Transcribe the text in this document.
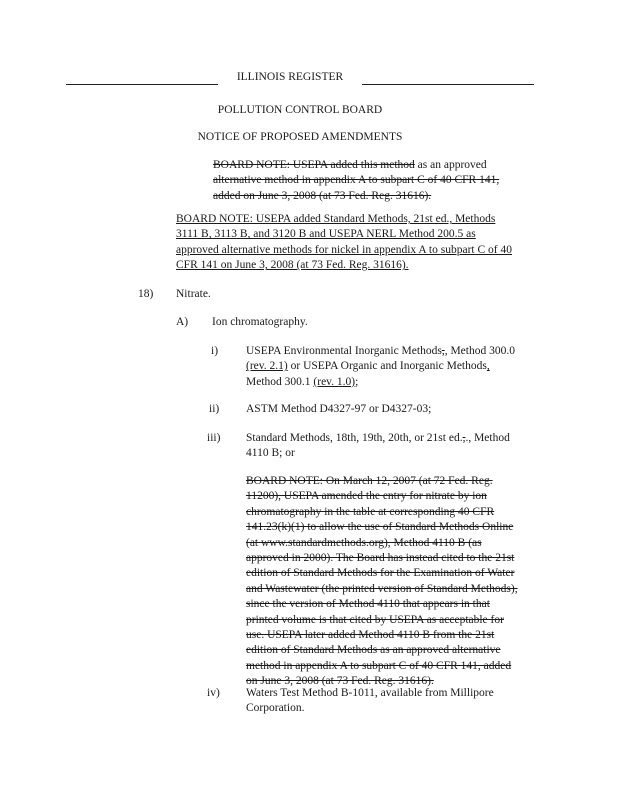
ILLINOIS REGISTER
POLLUTION CONTROL BOARD
NOTICE OF PROPOSED AMENDMENTS
BOARD NOTE: USEPA added this method as an approved
alternative method in appendix A to subpart C of 40 CFR 141,
added on June 3, 2008 (at 73 Fed. Reg. 31616).
BOARD NOTE: USEPA added Standard Methods, 21st ed., Methods
3111 B, 3113 B, and 3120 B and USEPA NERL Method 200.5 as
approved alternative methods for nickel in appendix A to subpart C of 40
CFR 141 on June 3, 2008 (at 73 Fed. Reg. 31616).
18) Nitrate.
A) Ion chromatography.
i) USEPA Environmental Inorganic Methods,, Method 300.0
(rev. 2.1) or USEPA Organic and Inorganic Methods,
Method 300.1 (rev. 1.0);
ii) ASTM Method D4327-97 or D4327-03;
iii) Standard Methods, 18th, 19th, 20th, or 21st ed.,., Method
4110 B; or
BOARD NOTE: On March 12, 2007 (at 72 Fed. Reg.
11200), USEPA amended the entry for nitrate by ion
chromatography in the table at corresponding 40 CFR
141.23(k)(1) to allow the use of Standard Methods Online
(at www.standardmethods.org), Method 4110 B (as
approved in 2000). The Board has instead cited to the 21st
edition of Standard Methods for the Examination of Water
and Wastewater (the printed version of Standard Methods),
since the version of Method 4110 that appears in that
printed volume is that cited by USEPA as acceptable for
use. USEPA later added Method 4110 B from the 21st
edition of Standard Methods as an approved alternative
method in appendix A to subpart C of 40 CFR 141, added
on June 3, 2008 (at 73 Fed. Reg. 31616).
iv) Waters Test Method B-1011, available from Millipore
Corporation.
